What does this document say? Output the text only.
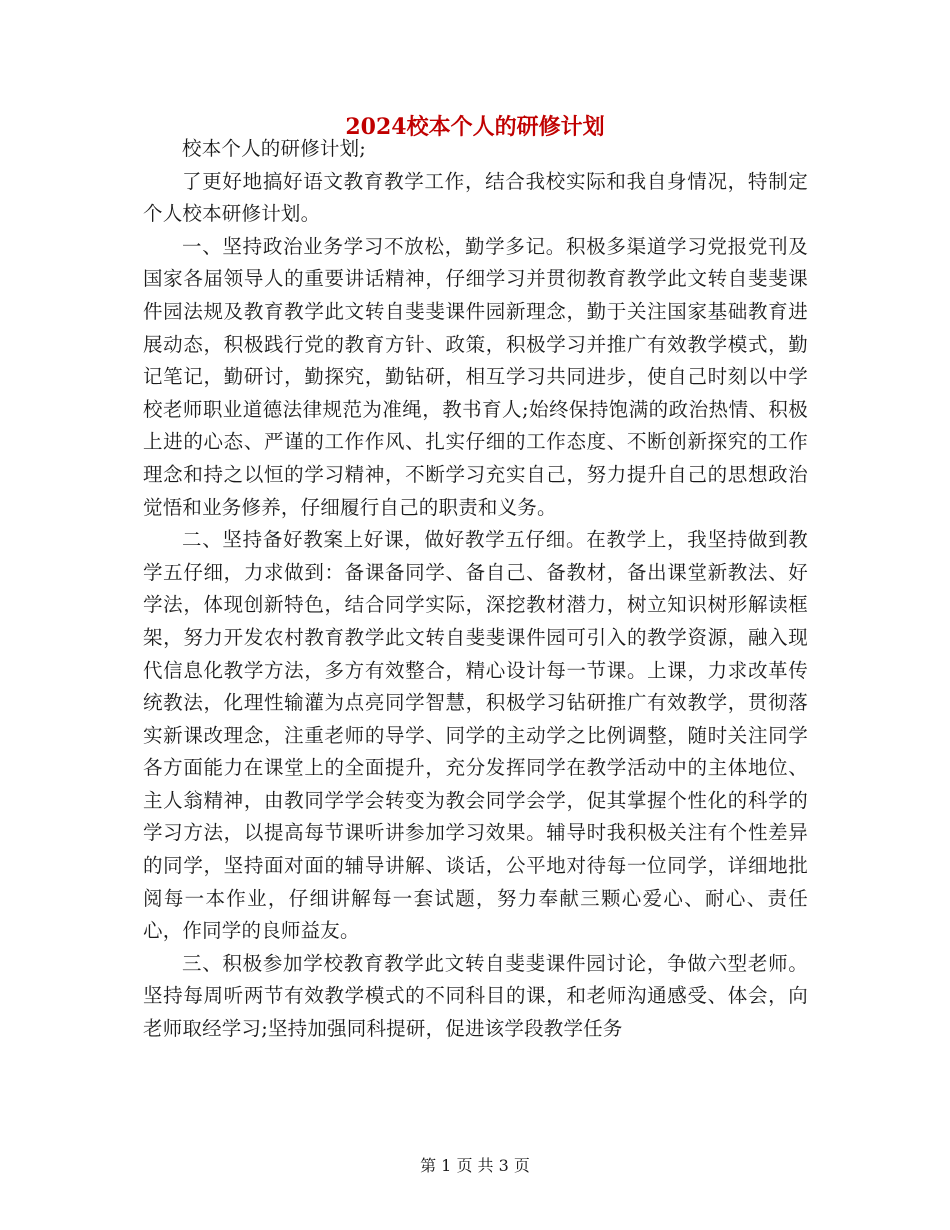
2024校本个人的研修计划

校本个人的研修计划;

了更好地搞好语文教育教学工作，结合我校实际和我自身情况，特制定个人校本研修计划。

一、坚持政治业务学习不放松，勤学多记。积极多渠道学习党报党刊及国家各届领导人的重要讲话精神，仔细学习并贯彻教育教学此文转自斐斐课件园法规及教育教学此文转自斐斐课件园新理念，勤于关注国家基础教育进展动态，积极践行党的教育方针、政策，积极学习并推广有效教学模式，勤记笔记，勤研讨，勤探究，勤钻研，相互学习共同进步，使自己时刻以中学校老师职业道德法律规范为准绳，教书育人;始终保持饱满的政治热情、积极上进的心态、严谨的工作作风、扎实仔细的工作态度、不断创新探究的工作理念和持之以恒的学习精神，不断学习充实自己，努力提升自己的思想政治觉悟和业务修养，仔细履行自己的职责和义务。

二、坚持备好教案上好课，做好教学五仔细。在教学上，我坚持做到教学五仔细，力求做到：备课备同学、备自己、备教材，备出课堂新教法、好学法，体现创新特色，结合同学实际，深挖教材潜力，树立知识树形解读框架，努力开发农村教育教学此文转自斐斐课件园可引入的教学资源，融入现代信息化教学方法，多方有效整合，精心设计每一节课。上课，力求改革传统教法，化理性输灌为点亮同学智慧，积极学习钻研推广有效教学，贯彻落实新课改理念，注重老师的导学、同学的主动学之比例调整，随时关注同学各方面能力在课堂上的全面提升，充分发挥同学在教学活动中的主体地位、主人翁精神，由教同学学会转变为教会同学会学，促其掌握个性化的科学的学习方法，以提高每节课听讲参加学习效果。辅导时我积极关注有个性差异的同学，坚持面对面的辅导讲解、谈话，公平地对待每一位同学，详细地批阅每一本作业，仔细讲解每一套试题，努力奉献三颗心爱心、耐心、责任心，作同学的良师益友。

三、积极参加学校教育教学此文转自斐斐课件园讨论，争做六型老师。坚持每周听两节有效教学模式的不同科目的课，和老师沟通感受、体会，向老师取经学习;坚持加强同科提研，促进该学段教学任务

第 1 页 共 3 页
